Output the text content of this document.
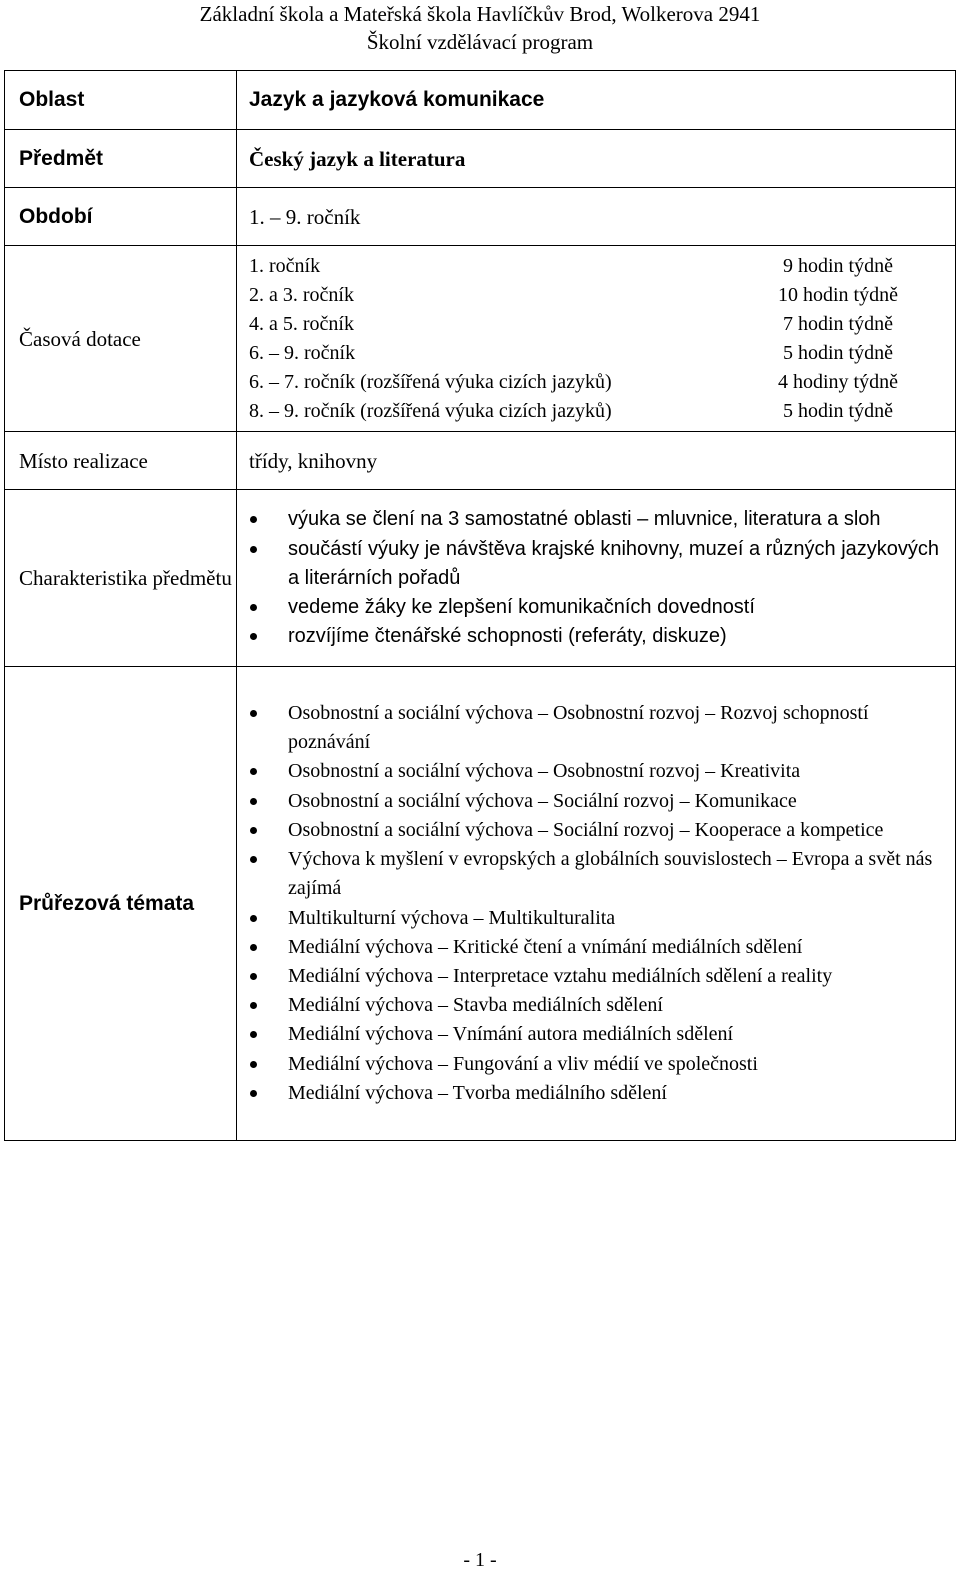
Základní škola a Mateřská škola Havlíčkův Brod, Wolkerova 2941
Školní vzdělávací program
Oblast	Jazyk a jazyková komunikace
Předmět	Český jazyk a literatura
Období	1. – 9. ročník
Časová dotace	
1. ročník	9 hodin týdně
2. a 3. ročník	10 hodin týdně
4. a 5. ročník	7 hodin týdně
6. – 9. ročník	5 hodin týdně
6. – 7. ročník (rozšířená výuka cizích jazyků)	4 hodiny týdně
8. – 9. ročník (rozšířená výuka cizích jazyků)	5 hodin týdně

Místo realizace	třídy, knihovny
Charakteristika předmětu	
výuka se člení na 3 samostatné oblasti – mluvnice, literatura a sloh
součástí výuky je návštěva krajské knihovny, muzeí a různých jazykových a literárních pořadů
vedeme žáky ke zlepšení komunikačních dovedností
rozvíjíme čtenářské schopnosti (referáty, diskuze)

Průřezová témata	
Osobnostní a sociální výchova – Osobnostní rozvoj – Rozvoj schopností poznávání
Osobnostní a sociální výchova – Osobnostní rozvoj – Kreativita
Osobnostní a sociální výchova – Sociální rozvoj – Komunikace
Osobnostní a sociální výchova – Sociální rozvoj – Kooperace a kompetice
Výchova k myšlení v evropských a globálních souvislostech – Evropa a svět nás zajímá
Multikulturní výchova – Multikulturalita
Mediální výchova – Kritické čtení a vnímání mediálních sdělení
Mediální výchova – Interpretace vztahu mediálních sdělení a reality
Mediální výchova – Stavba mediálních sdělení
Mediální výchova – Vnímání autora mediálních sdělení
Mediální výchova – Fungování a vliv médií ve společnosti
Mediální výchova – Tvorba mediálního sdělení
- 1 -
